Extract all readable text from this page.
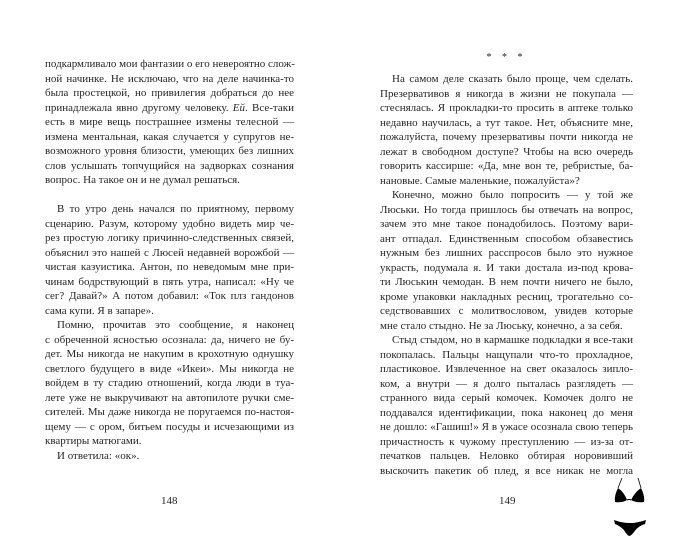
подкармливало мои фантазии о его невероятно слож-
ной начинке. Не исключаю, что на деле начинка-то
была простецкой, но привилегия добраться до нее
принадлежала явно другому человеку. Ей. Все-таки
есть в мире вещь пострашнее измены телесной —
измена ментальная, какая случается у супругов не-
возможного уровня близости, умеющих без лишних
слов услышать топчущийся на задворках сознания
вопрос. На такое он и не думал решаться.
В то утро день начался по приятному, первому
сценарию. Разум, которому удобно видеть мир че-
рез простую логику причинно-следственных связей,
объяснил это нашей с Люсей недавней ворожбой —
чистая казуистика. Антон, по неведомым мне при-
чинам бодрствующий в пять утра, написал: «Ну че
сег? Давай?» А потом добавил: «Ток плз гандонов
сама купи. Я в запаре».
Помню, прочитав это сообщение, я наконец
с обреченной ясностью осознала: да, ничего не бу-
дет. Мы никогда не накупим в крохотную однушку
светлого будущего в виде «Икеи». Мы никогда не
войдем в ту стадию отношений, когда люди в туа-
лете уже не выкручивают на автопилоте ручки сме-
сителей. Мы даже никогда не поругаемся по-настоя-
щему — с ором, битьем посуды и исчезающими из
квартиры матюгами.
И ответила: «ок».
148
* * *
На самом деле сказать было проще, чем сделать.
Презервативов я никогда в жизни не покупала —
стеснялась. Я прокладки-то просить в аптеке только
недавно научилась, а тут такое. Нет, объясните мне,
пожалуйста, почему презервативы почти никогда не
лежат в свободном доступе? Чтобы на всю очередь
говорить кассирше: «Да, мне вон те, ребристые, ба-
нановые. Самые маленькие, пожалуйста»?
Конечно, можно было попросить — у той же
Люськи. Но тогда пришлось бы отвечать на вопрос,
зачем это мне такое понадобилось. Поэтому вари-
ант отпадал. Единственным способом обзавестись
нужным без лишних расспросов было это нужное
украсть, подумала я. И таки достала из-под крова-
ти Люськин чемодан. В нем почти ничего не было,
кроме упаковки накладных ресниц, трогательно со-
седствовавших с молитвословом, увидев которые
мне стало стыдно. Не за Люську, конечно, а за себя.
Стыд стыдом, но в кармашке подкладки я все-таки
покопалась. Пальцы нащупали что-то прохладное,
пластиковое. Извлеченное на свет оказалось зипло-
ком, а внутри — я долго пыталась разглядеть —
странного вида серый комочек. Комочек долго не
поддавался идентификации, пока наконец до меня
не дошло: «Гашиш!» Я в ужасе осознала свою теперь
причастность к чужому преступлению — из-за от-
печатков пальцев. Неловко обтирая норовивший
выскочить пакетик об плед, я все никак не могла
149
